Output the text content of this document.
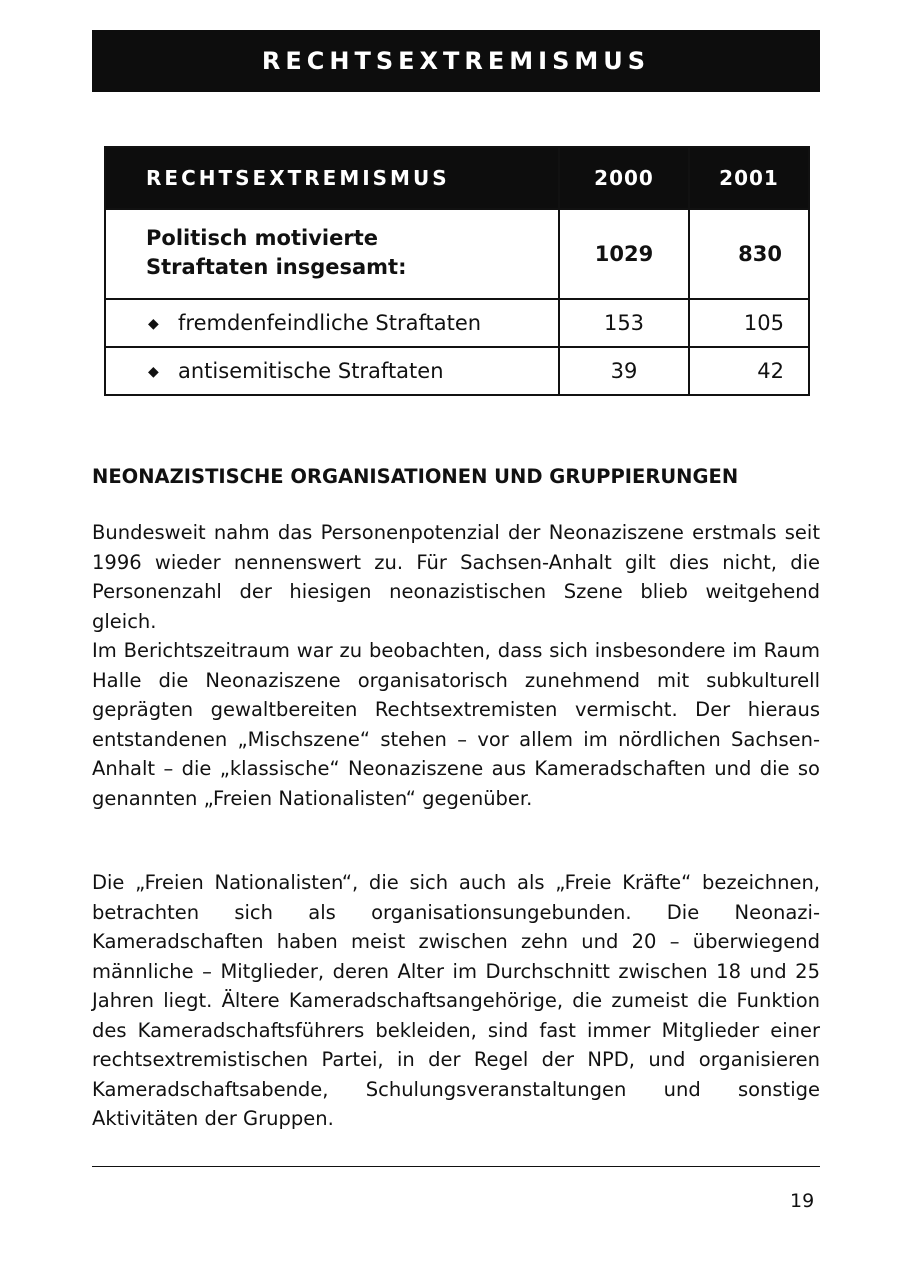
RECHTSEXTREMISMUS
RECHTSEXTREMISMUS	2000	2001

Politisch motivierte
Straftaten insgesamt:	1029	830
◆ fremdenfeindliche Straftaten	153	105
◆ antisemitische Straftaten	39	42
NEONAZISTISCHE ORGANISATIONEN UND GRUPPIERUNGEN

Bundesweit nahm das Personenpotenzial der Neonaziszene erstmals seit 1996 wieder nennenswert zu. Für Sachsen-Anhalt gilt dies nicht, die Personenzahl der hiesigen neonazistischen Szene blieb weitgehend gleich.

Im Berichtszeitraum war zu beobachten, dass sich insbesondere im Raum Halle die Neonaziszene organisatorisch zunehmend mit subkulturell geprägten gewaltbereiten Rechtsextremisten vermischt. Der hieraus entstandenen „Mischszene“ stehen – vor allem im nördlichen Sachsen-Anhalt – die „klassische“ Neonaziszene aus Kameradschaften und die so genannten „Freien Nationalisten“ gegenüber.

Die „Freien Nationalisten“, die sich auch als „Freie Kräfte“ bezeichnen, betrachten sich als organisationsungebunden. Die Neonazi-Kameradschaften haben meist zwischen zehn und 20 – überwiegend männliche – Mitglieder, deren Alter im Durchschnitt zwischen 18 und 25 Jahren liegt. Ältere Kameradschaftsangehörige, die zumeist die Funktion des Kameradschaftsführers bekleiden, sind fast immer Mitglieder einer rechtsextremistischen Partei, in der Regel der NPD, und organisieren Kameradschaftsabende, Schulungsveranstaltungen und sonstige Aktivitäten der Gruppen.

19
